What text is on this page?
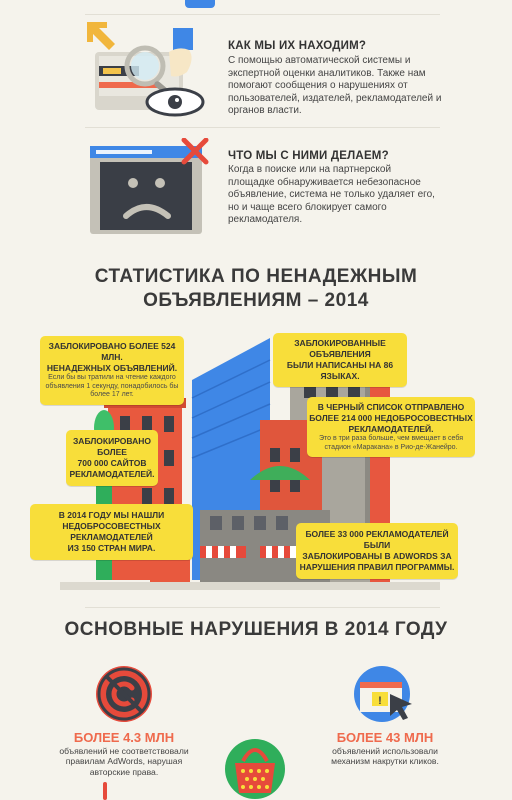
КАК МЫ ИХ НАХОДИМ?
С помощью автоматической системы и
экспертной оценки аналитиков. Также нам
помогают сообщения о нарушениях от
пользователей, издателей, рекламодателей и
органов власти.
ЧТО МЫ С НИМИ ДЕЛАЕМ?
Когда в поиске или на партнерской
площадке обнаруживается небезопасное
объявление, система не только удаляет его,
но и чаще всего блокирует самого
рекламодателя.
СТАТИСТИКА ПО НЕНАДЕЖНЫМ
ОБЪЯВЛЕНИЯМ – 2014
ЗАБЛОКИРОВАНО БОЛЕЕ 524 МЛН.
НЕНАДЕЖНЫХ ОБЪЯВЛЕНИЙ.
Если бы вы тратили на чтение каждого
объявления 1 секунду, понадобилось бы
более 17 лет.
ЗАБЛОКИРОВАННЫЕ ОБЪЯВЛЕНИЯ
БЫЛИ НАПИСАНЫ НА 86 ЯЗЫКАХ.
В ЧЕРНЫЙ СПИСОК ОТПРАВЛЕНО
БОЛЕЕ 214 000 НЕДОБРОСОВЕСТНЫХ
РЕКЛАМОДАТЕЛЕЙ.
Это в три раза больше, чем вмещает в себя
стадион «Маракана» в Рио-де-Жанейро.
ЗАБЛОКИРОВАНО БОЛЕЕ
700 000 САЙТОВ
РЕКЛАМОДАТЕЛЕЙ.
В 2014 ГОДУ МЫ НАШЛИ
НЕДОБРОСОВЕСТНЫХ РЕКЛАМОДАТЕЛЕЙ
ИЗ 150 СТРАН МИРА.
БОЛЕЕ 33 000 РЕКЛАМОДАТЕЛЕЙ БЫЛИ
ЗАБЛОКИРОВАНЫ В ADWORDS ЗА
НАРУШЕНИЯ ПРАВИЛ ПРОГРАММЫ.
ОСНОВНЫЕ НАРУШЕНИЯ В 2014 ГОДУ
!
БОЛЕЕ 4.3 МЛН
объявлений не соответствовали
правилам AdWords, нарушая
авторские права.
БОЛЕЕ 43 МЛН
объявлений использовали
механизм накрутки кликов.
